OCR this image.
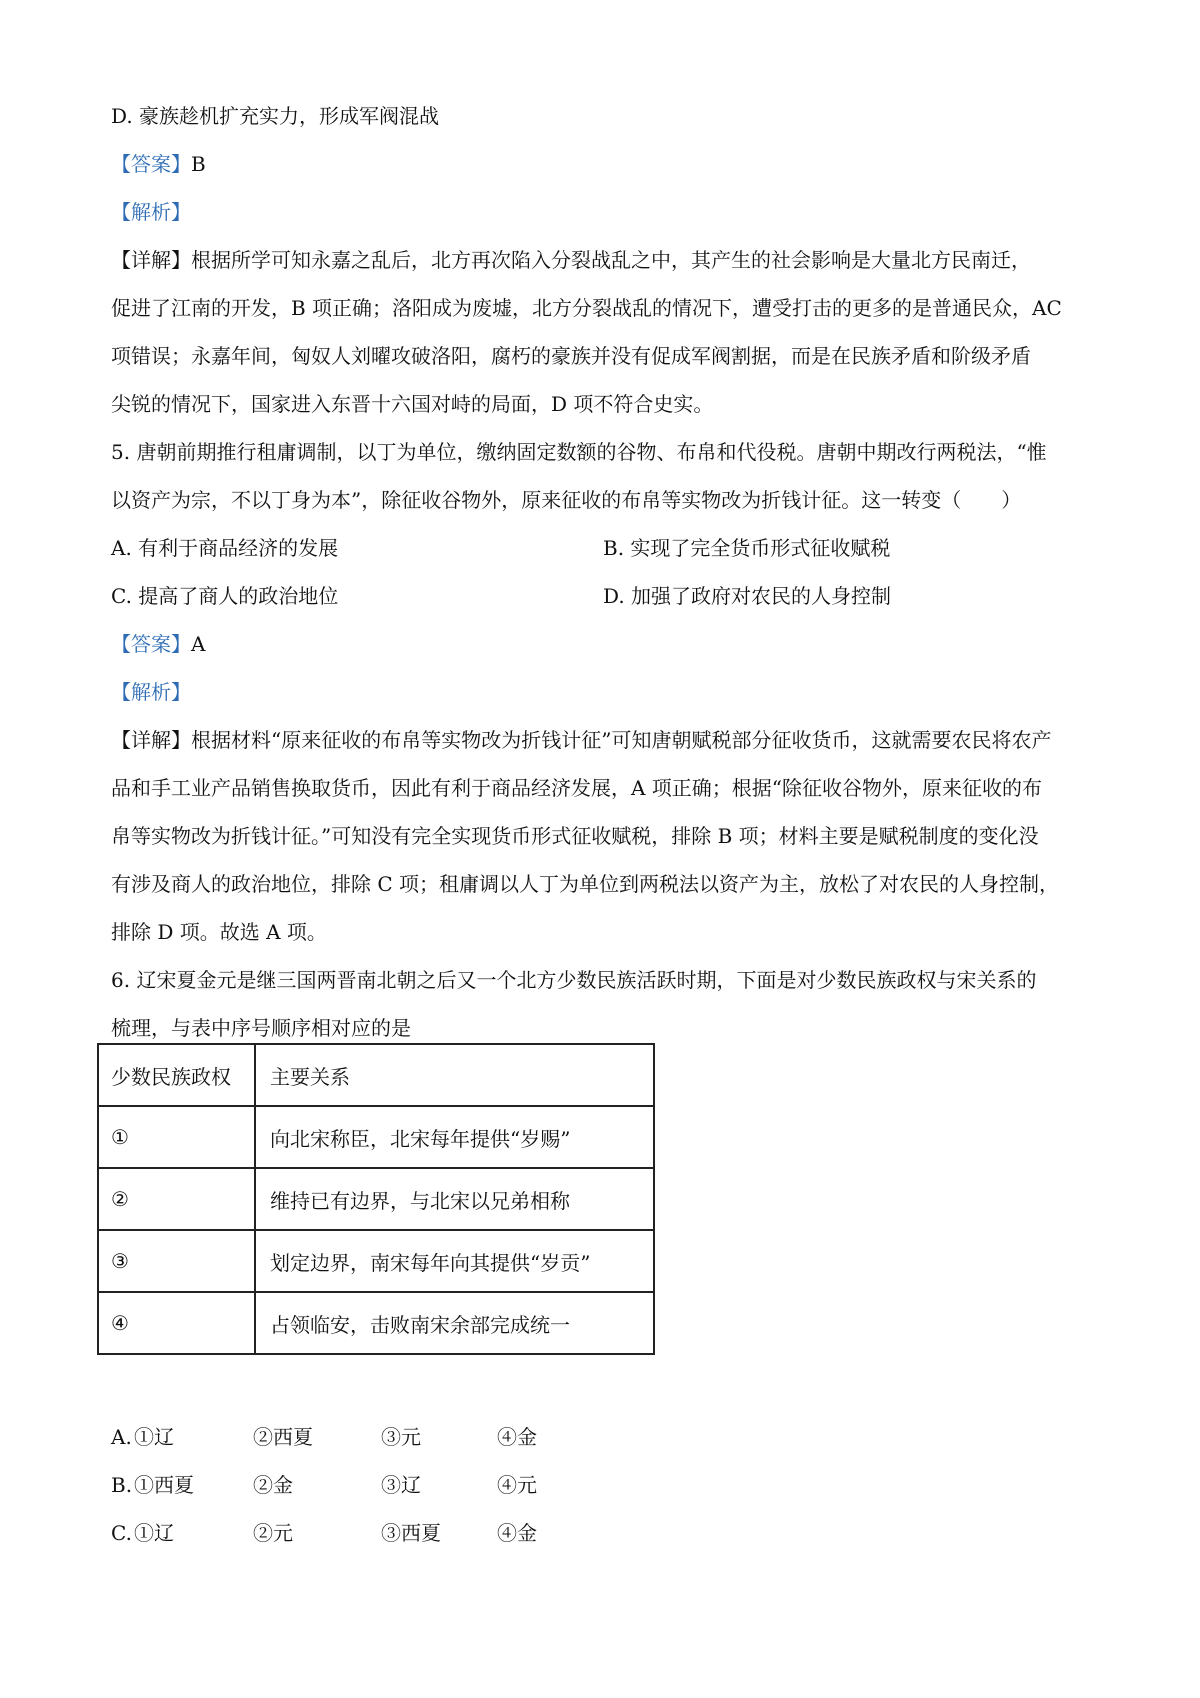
D. 豪族趁机扩充实力，形成军阀混战
【答案】B
【解析】
【详解】根据所学可知永嘉之乱后，北方再次陷入分裂战乱之中，其产生的社会影响是大量北方民南迁，
促进了江南的开发，B 项正确；洛阳成为废墟，北方分裂战乱的情况下，遭受打击的更多的是普通民众，AC
项错误；永嘉年间，匈奴人刘曜攻破洛阳，腐朽的豪族并没有促成军阀割据，而是在民族矛盾和阶级矛盾
尖锐的情况下，国家进入东晋十六国对峙的局面，D 项不符合史实。
5. 唐朝前期推行租庸调制，以丁为单位，缴纳固定数额的谷物、布帛和代役税。唐朝中期改行两税法，“惟
以资产为宗，不以丁身为本”，除征收谷物外，原来征收的布帛等实物改为折钱计征。这一转变（　　）
A. 有利于商品经济的发展	B. 实现了完全货币形式征收赋税
C. 提高了商人的政治地位	D. 加强了政府对农民的人身控制
【答案】A
【解析】
【详解】根据材料“原来征收的布帛等实物改为折钱计征”可知唐朝赋税部分征收货币，这就需要农民将农产
品和手工业产品销售换取货币，因此有利于商品经济发展，A 项正确；根据“除征收谷物外，原来征收的布
帛等实物改为折钱计征。”可知没有完全实现货币形式征收赋税，排除 B 项；材料主要是赋税制度的变化没
有涉及商人的政治地位，排除 C 项；租庸调以人丁为单位到两税法以资产为主，放松了对农民的人身控制，
排除 D 项。故选 A 项。
6. 辽宋夏金元是继三国两晋南北朝之后又一个北方少数民族活跃时期，下面是对少数民族政权与宋关系的
梳理，与表中序号顺序相对应的是
少数民族政权	主要关系
①	向北宋称臣，北宋每年提供“岁赐”
②	维持已有边界，与北宋以兄弟相称
③	划定边界，南宋每年向其提供“岁贡”
④	占领临安，击败南宋余部完成统一
A. ①辽	②西夏	③元	④金
B. ①西夏	②金	③辽	④元
C. ①辽	②元	③西夏	④金
